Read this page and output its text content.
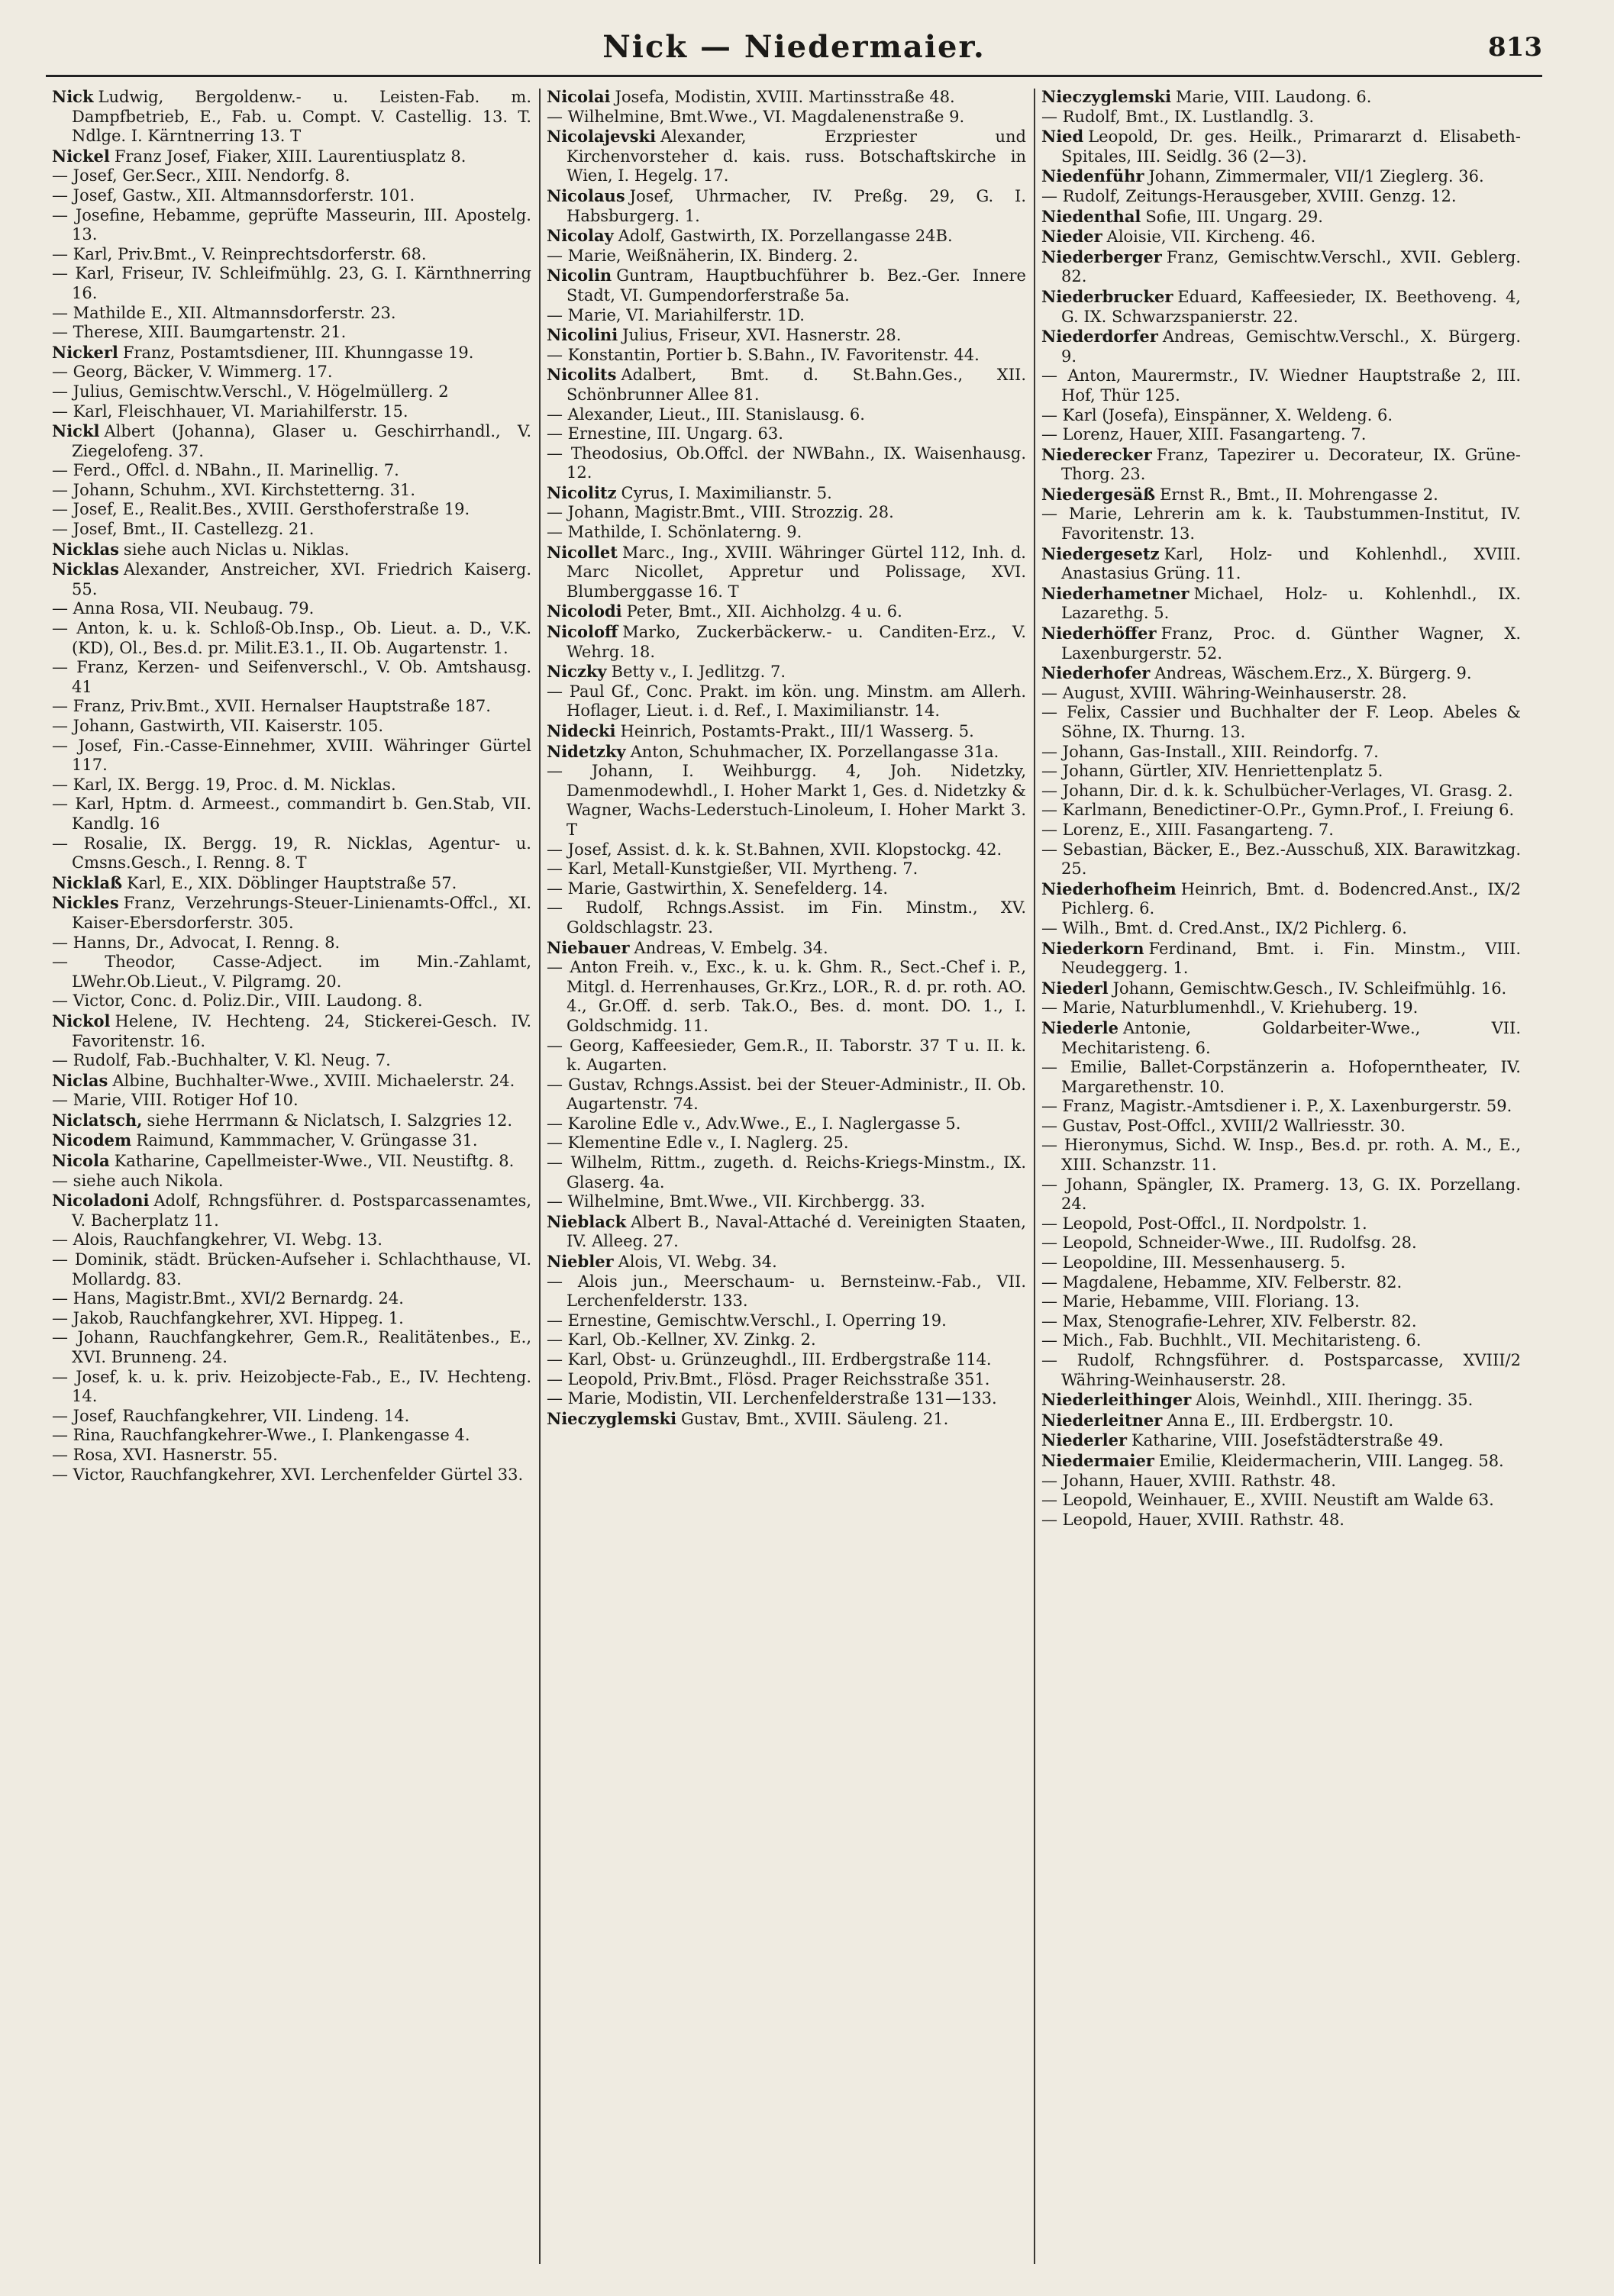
Nick — Niedermaier.	813
Nick Ludwig, Bergoldenw.- u. Leisten-Fab. m. Dampfbetrieb, E., Fab. u. Compt. V. Castellig. 13. T. Ndlge. I. Kärntnerring 13. T
Nickel Franz Josef, Fiaker, XIII. Laurentiusplatz 8.
— Josef, Ger.Secr., XIII. Nendorfg. 8.
— Josef, Gastw., XII. Altmannsdorferstr. 101.
— Josefine, Hebamme, geprüfte Masseurin, III. Apostelg. 13.
— Karl, Priv.Bmt., V. Reinprechtsdorferstr. 68.
— Karl, Friseur, IV. Schleifmühlg. 23, G. I. Kärnthnerring 16.
— Mathilde E., XII. Altmannsdorferstr. 23.
— Therese, XIII. Baumgartenstr. 21.
Nickerl Franz, Postamtsdiener, III. Khunngasse 19.
— Georg, Bäcker, V. Wimmerg. 17.
— Julius, Gemischtw.Verschl., V. Högelmüllerg. 2
— Karl, Fleischhauer, VI. Mariahilferstr. 15.
Nickl Albert (Johanna), Glaser u. Geschirrhandl., V. Ziegelofeng. 37.
— Ferd., Offcl. d. NBahn., II. Marinellig. 7.
— Johann, Schuhm., XVI. Kirchstetterng. 31.
— Josef, E., Realit.Bes., XVIII. Gersthoferstraße 19.
— Josef, Bmt., II. Castellezg. 21.
Nicklas siehe auch Niclas u. Niklas.
Nicklas Alexander, Anstreicher, XVI. Friedrich Kaiserg. 55.
— Anna Rosa, VII. Neubaug. 79.
— Anton, k. u. k. Schloß-Ob.Insp., Ob. Lieut. a. D., V.K. (KD), Ol., Bes.d. pr. Milit.E3.1., II. Ob. Augartenstr. 1.
— Franz, Kerzen- und Seifenverschl., V. Ob. Amtshausg. 41
— Franz, Priv.Bmt., XVII. Hernalser Hauptstraße 187.
— Johann, Gastwirth, VII. Kaiserstr. 105.
— Josef, Fin.-Casse-Einnehmer, XVIII. Währinger Gürtel 117.
— Karl, IX. Bergg. 19, Proc. d. M. Nicklas.
— Karl, Hptm. d. Armeest., commandirt b. Gen.Stab, VII. Kandlg. 16
— Rosalie, IX. Bergg. 19, R. Nicklas, Agentur- u. Cmsns.Gesch., I. Renng. 8. T
Nicklaß Karl, E., XIX. Döblinger Hauptstraße 57.
Nickles Franz, Verzehrungs-Steuer-Linienamts-Offcl., XI. Kaiser-Ebersdorferstr. 305.
— Hanns, Dr., Advocat, I. Renng. 8.
— Theodor, Casse-Adject. im Min.-Zahlamt, LWehr.Ob.Lieut., V. Pilgramg. 20.
— Victor, Conc. d. Poliz.Dir., VIII. Laudong. 8.
Nickol Helene, IV. Hechteng. 24, Stickerei-Gesch. IV. Favoritenstr. 16.
— Rudolf, Fab.-Buchhalter, V. Kl. Neug. 7.
Niclas Albine, Buchhalter-Wwe., XVIII. Michaelerstr. 24.
— Marie, VIII. Rotiger Hof 10.
Niclatsch, siehe Herrmann & Niclatsch, I. Salzgries 12.
Nicodem Raimund, Kammmacher, V. Grüngasse 31.
Nicola Katharine, Capellmeister-Wwe., VII. Neustiftg. 8.
— siehe auch Nikola.
Nicoladoni Adolf, Rchngsführer. d. Postsparcassenamtes, V. Bacherplatz 11.
— Alois, Rauchfangkehrer, VI. Webg. 13.
— Dominik, städt. Brücken-Aufseher i. Schlachthause, VI. Mollardg. 83.
— Hans, Magistr.Bmt., XVI/2 Bernardg. 24.
— Jakob, Rauchfangkehrer, XVI. Hippeg. 1.
— Johann, Rauchfangkehrer, Gem.R., Realitätenbes., E., XVI. Brunneng. 24.
— Josef, k. u. k. priv. Heizobjecte-Fab., E., IV. Hechteng. 14.
— Josef, Rauchfangkehrer, VII. Lindeng. 14.
— Rina, Rauchfangkehrer-Wwe., I. Plankengasse 4.
— Rosa, XVI. Hasnerstr. 55.
— Victor, Rauchfangkehrer, XVI. Lerchenfelder Gürtel 33.
Nicolai Josefa, Modistin, XVIII. Martinsstraße 48.
— Wilhelmine, Bmt.Wwe., VI. Magdalenenstraße 9.
Nicolajevski Alexander, Erzpriester und Kirchenvorsteher d. kais. russ. Botschaftskirche in Wien, I. Hegelg. 17.
Nicolaus Josef, Uhrmacher, IV. Preßg. 29, G. I. Habsburgerg. 1.
Nicolay Adolf, Gastwirth, IX. Porzellangasse 24B.
— Marie, Weißnäherin, IX. Binderg. 2.
Nicolin Guntram, Hauptbuchführer b. Bez.-Ger. Innere Stadt, VI. Gumpendorferstraße 5a.
— Marie, VI. Mariahilferstr. 1D.
Nicolini Julius, Friseur, XVI. Hasnerstr. 28.
— Konstantin, Portier b. S.Bahn., IV. Favoritenstr. 44.
Nicolits Adalbert, Bmt. d. St.Bahn.Ges., XII. Schönbrunner Allee 81.
— Alexander, Lieut., III. Stanislausg. 6.
— Ernestine, III. Ungarg. 63.
— Theodosius, Ob.Offcl. der NWBahn., IX. Waisenhausg. 12.
Nicolitz Cyrus, I. Maximilianstr. 5.
— Johann, Magistr.Bmt., VIII. Strozzig. 28.
— Mathilde, I. Schönlaterng. 9.
Nicollet Marc., Ing., XVIII. Währinger Gürtel 112, Inh. d. Marc Nicollet, Appretur und Polissage, XVI. Blumberggasse 16. T
Nicolodi Peter, Bmt., XII. Aichholzg. 4 u. 6.
Nicoloff Marko, Zuckerbäckerw.- u. Canditen-Erz., V. Wehrg. 18.
Niczky Betty v., I. Jedlitzg. 7.
— Paul Gf., Conc. Prakt. im kön. ung. Minstm. am Allerh. Hoflager, Lieut. i. d. Ref., I. Maximilianstr. 14.
Nidecki Heinrich, Postamts-Prakt., III/1 Wasserg. 5.
Nidetzky Anton, Schuhmacher, IX. Porzellangasse 31a.
— Johann, I. Weihburgg. 4, Joh. Nidetzky, Damenmodewhdl., I. Hoher Markt 1, Ges. d. Nidetzky & Wagner, Wachs-Lederstuch-Linoleum, I. Hoher Markt 3. T
— Josef, Assist. d. k. k. St.Bahnen, XVII. Klopstockg. 42.
— Karl, Metall-Kunstgießer, VII. Myrtheng. 7.
— Marie, Gastwirthin, X. Senefelderg. 14.
— Rudolf, Rchngs.Assist. im Fin. Minstm., XV. Goldschlagstr. 23.
Niebauer Andreas, V. Embelg. 34.
— Anton Freih. v., Exc., k. u. k. Ghm. R., Sect.-Chef i. P., Mitgl. d. Herrenhauses, Gr.Krz., LOR., R. d. pr. roth. AO. 4., Gr.Off. d. serb. Tak.O., Bes. d. mont. DO. 1., I. Goldschmidg. 11.
— Georg, Kaffeesieder, Gem.R., II. Taborstr. 37 T u. II. k. k. Augarten.
— Gustav, Rchngs.Assist. bei der Steuer-Administr., II. Ob. Augartenstr. 74.
— Karoline Edle v., Adv.Wwe., E., I. Naglergasse 5.
— Klementine Edle v., I. Naglerg. 25.
— Wilhelm, Rittm., zugeth. d. Reichs-Kriegs-Minstm., IX. Glaserg. 4a.
— Wilhelmine, Bmt.Wwe., VII. Kirchbergg. 33.
Nieblack Albert B., Naval-Attaché d. Vereinigten Staaten, IV. Alleeg. 27.
Niebler Alois, VI. Webg. 34.
— Alois jun., Meerschaum- u. Bernsteinw.-Fab., VII. Lerchenfelderstr. 133.
— Ernestine, Gemischtw.Verschl., I. Operring 19.
— Karl, Ob.-Kellner, XV. Zinkg. 2.
— Karl, Obst- u. Grünzeughdl., III. Erdbergstraße 114.
— Leopold, Priv.Bmt., Flösd. Prager Reichsstraße 351.
— Marie, Modistin, VII. Lerchenfelderstraße 131—133.
Nieczyglemski Gustav, Bmt., XVIII. Säuleng. 21.
Nieczyglemski Marie, VIII. Laudong. 6.
— Rudolf, Bmt., IX. Lustlandlg. 3.
Nied Leopold, Dr. ges. Heilk., Primararzt d. Elisabeth-Spitales, III. Seidlg. 36 (2—3).
Niedenführ Johann, Zimmermaler, VII/1 Zieglerg. 36.
— Rudolf, Zeitungs-Herausgeber, XVIII. Genzg. 12.
Niedenthal Sofie, III. Ungarg. 29.
Nieder Aloisie, VII. Kircheng. 46.
Niederberger Franz, Gemischtw.Verschl., XVII. Geblerg. 82.
Niederbrucker Eduard, Kaffeesieder, IX. Beethoveng. 4, G. IX. Schwarzspanierstr. 22.
Niederdorfer Andreas, Gemischtw.Verschl., X. Bürgerg. 9.
— Anton, Maurermstr., IV. Wiedner Hauptstraße 2, III. Hof, Thür 125.
— Karl (Josefa), Einspänner, X. Weldeng. 6.
— Lorenz, Hauer, XIII. Fasangarteng. 7.
Niederecker Franz, Tapezirer u. Decorateur, IX. Grüne-Thorg. 23.
Niedergesäß Ernst R., Bmt., II. Mohrengasse 2.
— Marie, Lehrerin am k. k. Taubstummen-Institut, IV. Favoritenstr. 13.
Niedergesetz Karl, Holz- und Kohlenhdl., XVIII. Anastasius Grüng. 11.
Niederhametner Michael, Holz- u. Kohlenhdl., IX. Lazarethg. 5.
Niederhöffer Franz, Proc. d. Günther Wagner, X. Laxenburgerstr. 52.
Niederhofer Andreas, Wäschem.Erz., X. Bürgerg. 9.
— August, XVIII. Währing-Weinhauserstr. 28.
— Felix, Cassier und Buchhalter der F. Leop. Abeles & Söhne, IX. Thurng. 13.
— Johann, Gas-Install., XIII. Reindorfg. 7.
— Johann, Gürtler, XIV. Henriettenplatz 5.
— Johann, Dir. d. k. k. Schulbücher-Verlages, VI. Grasg. 2.
— Karlmann, Benedictiner-O.Pr., Gymn.Prof., I. Freiung 6.
— Lorenz, E., XIII. Fasangarteng. 7.
— Sebastian, Bäcker, E., Bez.-Ausschuß, XIX. Barawitzkag. 25.
Niederhofheim Heinrich, Bmt. d. Bodencred.Anst., IX/2 Pichlerg. 6.
— Wilh., Bmt. d. Cred.Anst., IX/2 Pichlerg. 6.
Niederkorn Ferdinand, Bmt. i. Fin. Minstm., VIII. Neudeggerg. 1.
Niederl Johann, Gemischtw.Gesch., IV. Schleifmühlg. 16.
— Marie, Naturblumenhdl., V. Kriehuberg. 19.
Niederle Antonie, Goldarbeiter-Wwe., VII. Mechitaristeng. 6.
— Emilie, Ballet-Corpstänzerin a. Hofoperntheater, IV. Margarethenstr. 10.
— Franz, Magistr.-Amtsdiener i. P., X. Laxenburgerstr. 59.
— Gustav, Post-Offcl., XVIII/2 Wallriesstr. 30.
— Hieronymus, Sichd. W. Insp., Bes.d. pr. roth. A. M., E., XIII. Schanzstr. 11.
— Johann, Spängler, IX. Pramerg. 13, G. IX. Porzellang. 24.
— Leopold, Post-Offcl., II. Nordpolstr. 1.
— Leopold, Schneider-Wwe., III. Rudolfsg. 28.
— Leopoldine, III. Messenhauserg. 5.
— Magdalene, Hebamme, XIV. Felberstr. 82.
— Marie, Hebamme, VIII. Floriang. 13.
— Max, Stenografie-Lehrer, XIV. Felberstr. 82.
— Mich., Fab. Buchhlt., VII. Mechitaristeng. 6.
— Rudolf, Rchngsführer. d. Postsparcasse, XVIII/2 Währing-Weinhauserstr. 28.
Niederleithinger Alois, Weinhdl., XIII. Iheringg. 35.
Niederleitner Anna E., III. Erdbergstr. 10.
Niederler Katharine, VIII. Josefstädterstraße 49.
Niedermaier Emilie, Kleidermacherin, VIII. Langeg. 58.
— Johann, Hauer, XVIII. Rathstr. 48.
— Leopold, Weinhauer, E., XVIII. Neustift am Walde 63.
— Leopold, Hauer, XVIII. Rathstr. 48.
